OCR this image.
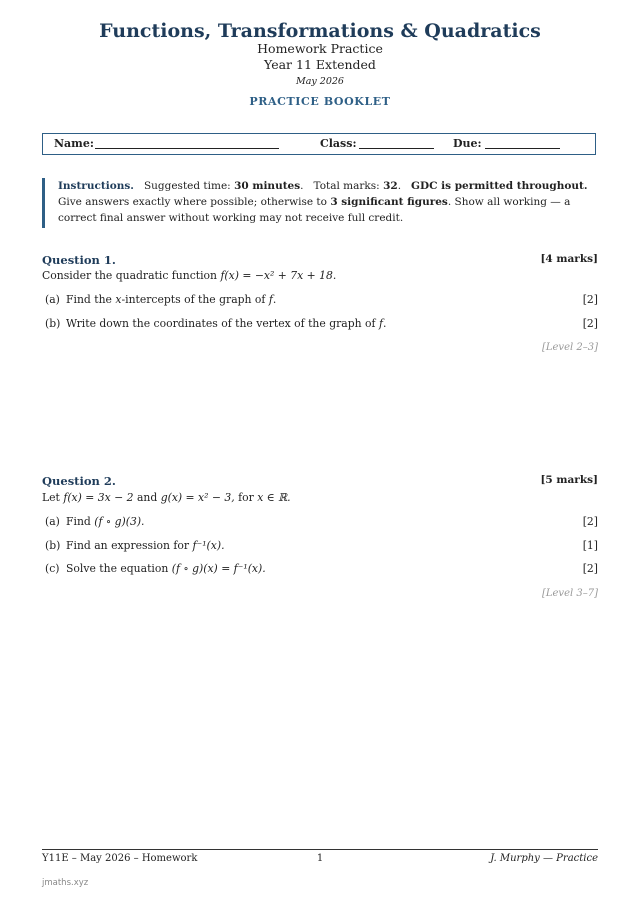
Functions, Transformations & Quadratics
Homework Practice
Year 11 Extended
May 2026
PRACTICE BOOKLET
Name:	Class:	Due:
Instructions. Suggested time: 30 minutes.   Total marks: 32.   GDC is permitted throughout. Give answers exactly where possible; otherwise to 3 significant figures. Show all working — a correct final answer without working may not receive full credit.
Question 1.	[4 marks]
Consider the quadratic function f(x) = −x² + 7x + 18.
(a) Find the x-intercepts of the graph of f.	[2]
(b) Write down the coordinates of the vertex of the graph of f.	[2]
[Level 2–3]
Question 2.	[5 marks]
Let f(x) = 3x − 2 and g(x) = x² − 3, for x ∈ ℝ.
(a) Find (f ∘ g)(3).	[2]
(b) Find an expression for f⁻¹(x).	[1]
(c) Solve the equation (f ∘ g)(x) = f⁻¹(x).	[2]
[Level 3–7]
Y11E – May 2026 – Homework	1	J. Murphy — Practice
jmaths.xyz
